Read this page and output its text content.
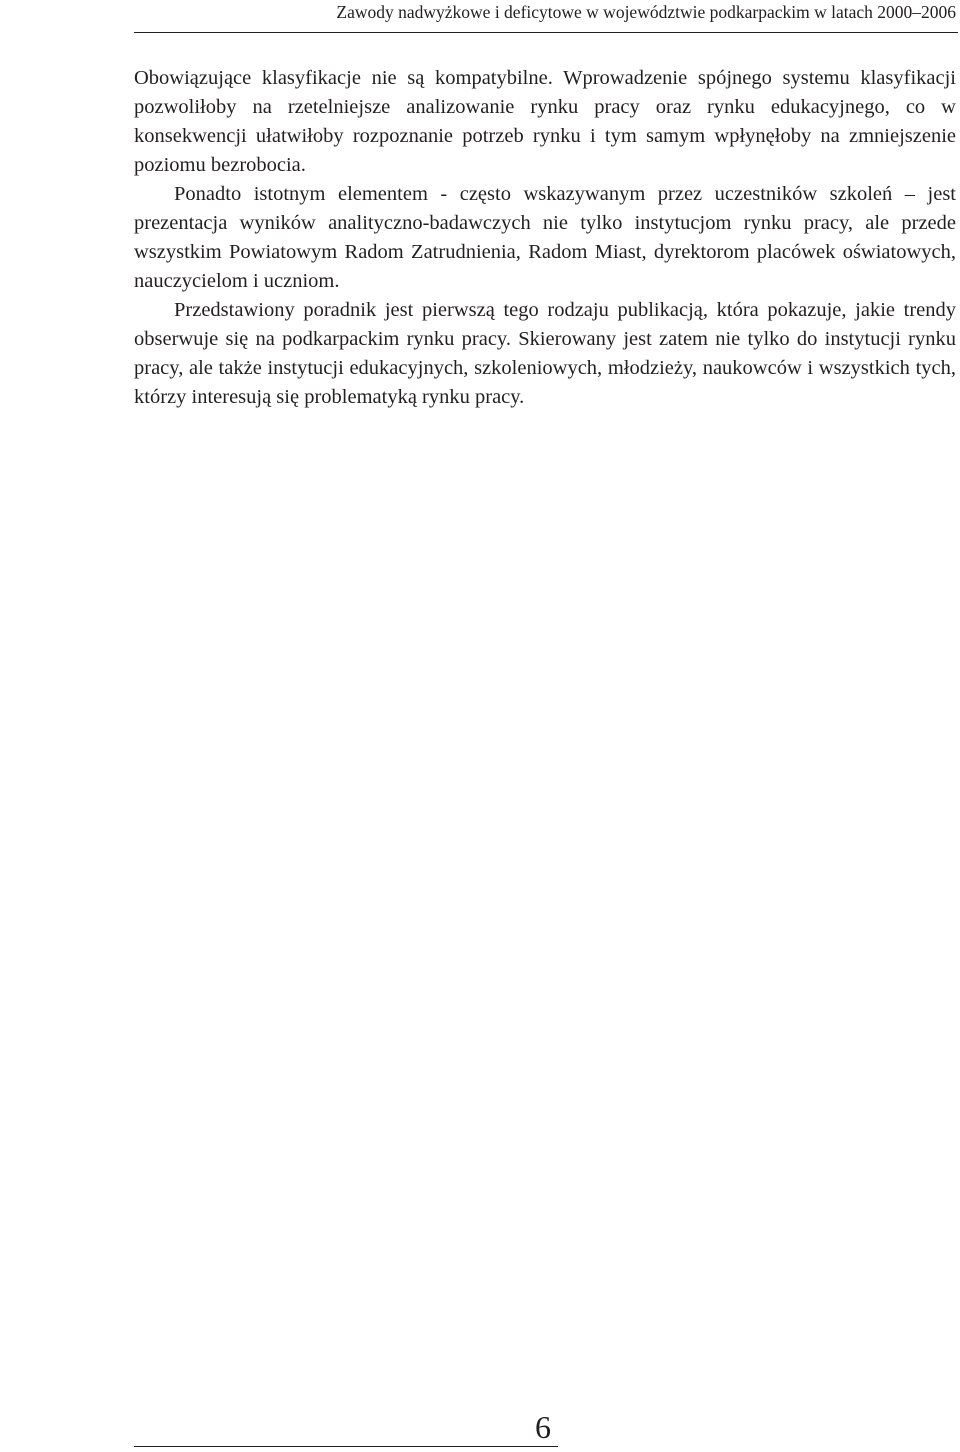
Zawody nadwyżkowe i deficytowe w województwie podkarpackim w latach 2000–2006

Obowiązujące klasyfikacje nie są kompatybilne. Wprowadzenie spójnego systemu klasyfikacji pozwoliłoby na rzetelniejsze analizowanie rynku pracy oraz rynku edukacyjnego, co w konsekwencji ułatwiłoby rozpoznanie potrzeb rynku i tym samym wpłynęłoby na zmniejszenie poziomu bezrobocia.

Ponadto istotnym elementem - często wskazywanym przez uczestników szkoleń – jest prezentacja wyników analityczno-badawczych nie tylko instytucjom rynku pracy, ale przede wszystkim Powiatowym Radom Zatrudnienia, Radom Miast, dyrektorom placówek oświatowych, nauczycielom i uczniom.

Przedstawiony poradnik jest pierwszą tego rodzaju publikacją, która pokazuje, jakie trendy obserwuje się na podkarpackim rynku pracy. Skierowany jest zatem nie tylko do instytucji rynku pracy, ale także instytucji edukacyjnych, szkoleniowych, młodzieży, naukowców i wszystkich tych, którzy interesują się problematyką rynku pracy.

6
